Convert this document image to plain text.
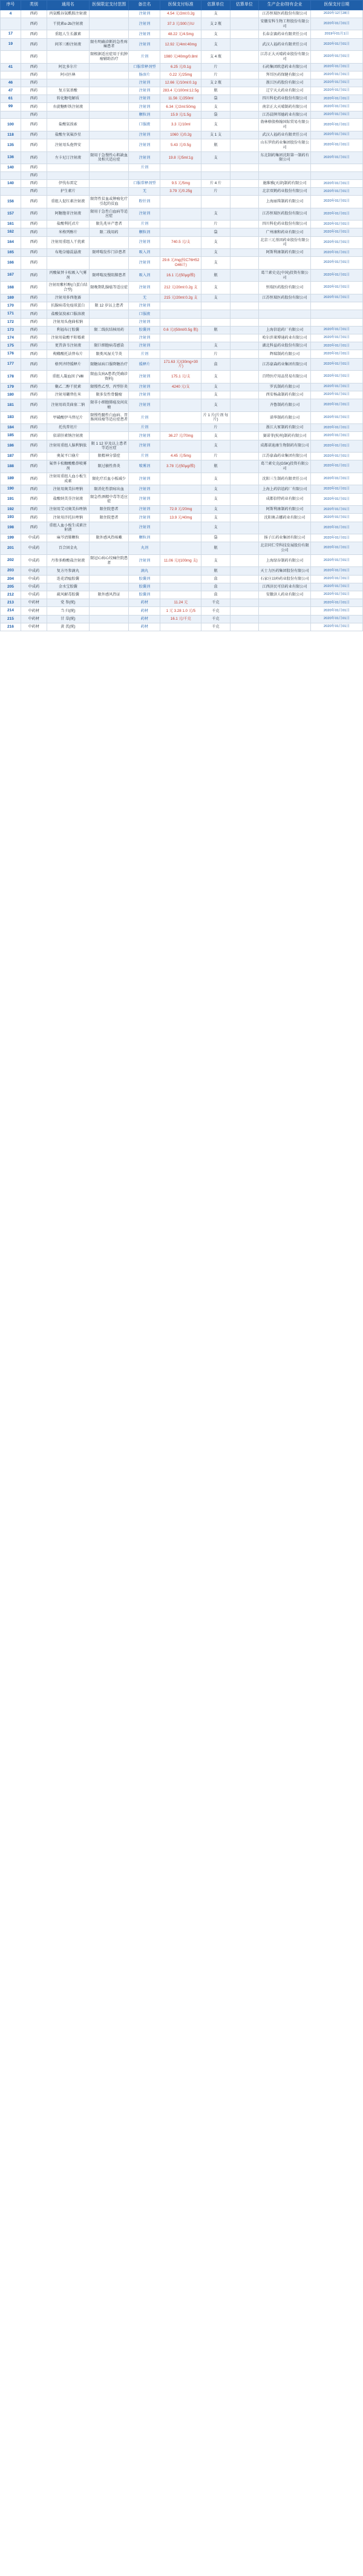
序号	类别	通用名	医保限定支付范围	备注名	医保支付标准	估算单位	估算单位	生产企业/持有企业	医保支付日期
4	西药	丙氨酰谷氨酰胺注射液		注射剂	4.54 元/2ml:0.2g	支		江苏恒瑞医药股份有限公司	2020年12月28日
	西药	干扰素α-2b注射液		注射剂	37.3 元/300万IU	支 2 瓶		安徽安科生物工程股份有限公司	2020年01月01日
17	西药	重组人生长激素		注射剂	48.22 元/4.5mg	支		长春金赛药业有限责任公司	2019年01月1日
19	西药	间苯三酚注射液	限有明确诊断的急性疼痛患者	注射剂	12.92 元/4ml:40mg	支		武汉人福药业有限责任公司	2020年01月01日
	西药		限根据适应症用于抗肿瘤辅助治疗	片剂	1980 元/40mg/0.8ml	支 4 瓶		江苏正大天晴药业股份有限公司	2020年01月01日
41	西药	阿比多尔片		口服常释剂型	6.25 元/0.1g	片		石药集团欧意药业有限公司	2020年01月01日
	西药	阿司匹林		肠溶片	0.22 元/25mg	片		拜耳医药保健有限公司	2020年01月01日
46	西药			注射剂	12.66 元/10ml:0.1g	支 2 瓶		浙江医药股份有限公司	2020年01月01日
47	西药	复方氨基酸		注射剂	283.4 元/100ml:12.5g	瓶		辽宁天大药业有限公司	2020年01月01日
61	西药	转化糖电解质		注射剂	11.56 元/250ml	袋		四川科伦药业股份有限公司	2020年01月01日
99	西药	右旋糖酐铁注射液		注射剂	6.34 元/2ml:50mg	支		南京正大天晴制药有限公司	2020年01月01日
	西药			颗粒剂	15.9 元/1.5g	袋		江苏晨牌邦德药业有限公司	2020年01月01日
100	西药	盐酸氨溴索		口服液	3.3 元/10ml	支		勃林格殷格翰国际贸易有限公司	2020年01月01日
118	西药	盐酸左氧氟沙星		注射剂	1060 元/0.2g	支 1 支		武汉人福药业有限责任公司	2020年01月01日
135	西药	注射用头孢替安		注射剂	5.43 元/0.5g	瓶		山东罗欣药业集团股份有限公司	2020年01月01日
136	西药	左卡尼汀注射液	限用于急慢性心肌缺血及相关适应症	注射剂	19.8 元/5ml:1g	支		东北制药集团沈阳第一制药有限公司	2020年01月01日
140	西药			片剂					
	西药								
140	西药	伊伐布雷定		口服常释剂型	9.5 元/5mg	片 4 片		施维雅(天津)制药有限公司	2020年01月01日
	西药	护生素片		无	3.79 元/0.25g	片		北京双鹤药业股份有限公司	2020年01月01日
156	西药	重组人促红素注射液	限肾性贫血或肿瘤化疗引起的贫血	粉针剂				上海丽珠制药有限公司	2020年01月01日
157	西药	阿糖胞苷注射液	限用于急性白血病等适应症	注射剂		支		江苏恒瑞医药股份有限公司	2020年01月01日
161	西药	盐酸利托君片	限先兆早产患者	片剂		片		四川科伦药业股份有限公司	2020年01月01日
162	西药	米格列醇片	限二线用药	颗粒剂		袋		广州康和药业有限公司	2020年01月01日
164	西药	注射用重组人干扰素		注射剂	740.5 元/支	支		北京三元基因药业股份有限公司	2020年01月01日
165	西药	布地奈德混悬液	限哮喘发作门诊患者	吸入剂		支		阿斯利康制药有限公司	2020年01月01日
166	西药			注射剂	29.6 元/mg(按C76H52O46计)	支			2020年01月01日
167	西药	丙酸氟替卡松吸入气雾剂	限哮喘及慢阻肺患者	吸入剂	16.1 元/(50μg/揿)	瓶		葛兰素史克(中国)投资有限公司	2020年01月01日
168	西药	注射用紫杉醇(白蛋白结合型)	限晚期乳腺癌等适应症	注射剂	212 元/20ml:0.2g 支	支		恒瑞医药股份有限公司	2020年01月01日
169	西药	注射用多西他赛		无	215 元/20ml:0.2g 支	支		江苏恒瑞医药股份有限公司	2020年01月01日
170	西药	抗腺病毒免疫球蛋白	限 12 岁以上患者	注射剂					
171	西药	盐酸氨溴索口服溶液		口服液					
172	西药	注射用头孢曲松钠		注射剂					
173	西药	利福布汀胶囊	限二线抗结核用药	胶囊剂	0.6 元/(50ml/0.5g 瓶)	瓶		上海信谊药厂有限公司	2020年01月01日
174	西药	注射用盐酸平阳霉素		注射剂				哈尔滨莱博通药业有限公司	2020年01月01日
175	西药	更昔洛韦注射液	限巨细胞病毒感染	注射剂		支		湖北科益药业股份有限公司	2020年01月01日
176	西药	枸橼酸托法替布片	限类风湿关节炎	片剂		片		辉瑞制药有限公司	2020年01月01日
177	西药	格列齐特缓释片	限糖尿病口服降糖治疗	缓释片	171.63 元/(30mg×30片)	盒		江苏豪森药业集团有限公司	2020年01月01日
178	西药	重组人凝血因子Ⅷ	限血友病A患者(凭确诊资料)	注射剂	175.1 元/支	支		百特医疗用品贸易有限公司	2020年01月01日
179	西药	聚乙二醇干扰素	限慢性乙型、丙型肝炎	注射剂	4240 元/支	支		罗氏制药有限公司	2020年01月01日
180	西药	注射用硼替佐米	限多发性骨髓瘤	注射剂		支		西安杨森制药有限公司	2020年01月01日
181	西药	注射用培美曲塞二钠	限非小细胞肺癌及间皮瘤	注射剂		支		齐鲁制药有限公司	2020年01月01日
183	西药	甲磺酸伊马替尼片	限慢性髓性白血病、胃肠间质瘤等适应症患者	片剂		片 1 片(片剂 每片)		诺华制药有限公司	2020年01月01日
184	西药	托伐普坦片		片剂		片		浙江大冢制药有限公司	2020年01月01日
185	西药	依诺肝素钠注射液		注射剂	36.27 元/70mg	支		赛诺菲(杭州)制药有限公司	2020年01月01日
186	西药	注射用重组人脑利钠肽	限 1 12 岁及以上患者等适应症	注射剂		支		成都诺迪康生物制药有限公司	2020年01月01日
187	西药	奥氮平口崩片	限精神分裂症	片剂	4.45 元/5mg	片		江苏豪森药业集团有限公司	2020年01月01日
188	西药	氟替卡松糠酸酯鼻喷雾剂	限过敏性鼻炎	喷雾剂	3.78 元/(50μg/揿)	瓶		葛兰素史克(GSK)投资有限公司	2020年01月01日
189	西药	注射用重组人血小板生成素	限化疗后血小板减少	注射剂		支		沈阳三生制药有限责任公司	2020年01月01日
190	西药	注射用奥美拉唑钠	限消化性溃疡出血	注射剂		支		上海上药信谊药厂有限公司	2020年01月01日
191	西药	盐酸纳美芬注射液	限急性酒精中毒等适应症	注射剂		支		成都倍特药业有限公司	2020年01月01日
192	西药	注射用艾司奥美拉唑钠	限住院患者	注射剂	72.9 元/20mg	支		阿斯利康制药有限公司	2020年01月01日
193	西药	注射用泮托拉唑钠	限住院患者	注射剂	13.9 元/40mg	支		沈阳奥吉娜药业有限公司	2020年01月01日
198	西药	重组人血小板生成素注射液		注射剂		支			2020年01月01日
199	中成药	麻芩清肺颗粒	限外感风热咳嗽	颗粒剂		袋		扬子江药业集团有限公司	2020年01月01日
201	中成药	百合固金丸		丸剂		瓶		北京同仁堂科技发展股份有限公司	2020年01月01日
202	中成药	丹参多酚酸盐注射液	限冠心病心绞痛住院患者	注射剂	11.06 元/(100mg 支)	支		上海绿谷制药有限公司	2020年01月01日
203	中成药	复方丹参滴丸		滴丸		瓶		天士力医药集团股份有限公司	2020年01月01日
204	中成药	连花清瘟胶囊		胶囊剂		盒		石家庄以岭药业股份有限公司	2020年01月01日
205	中成药	金水宝胶囊		胶囊剂		盒		江西济民可信药业有限公司	2020年01月01日
212	中成药	疏风解毒胶囊	限外感风热证	胶囊剂		盒		安徽济人药业有限公司	2020年01月01日
213	中药材	党 参(统)		药材	11.24 元	千克			2020年01月01日
214	中药材	当 归(统)		药材	1 元 3.28 1.0 元/5	千克			2020年01月01日
215	中药材	甘 草(统)		药材	16.1 元/千克	千克			2020年01月01日
216	中药材	黄 芪(统)		药材		千克			2020年01月01日
